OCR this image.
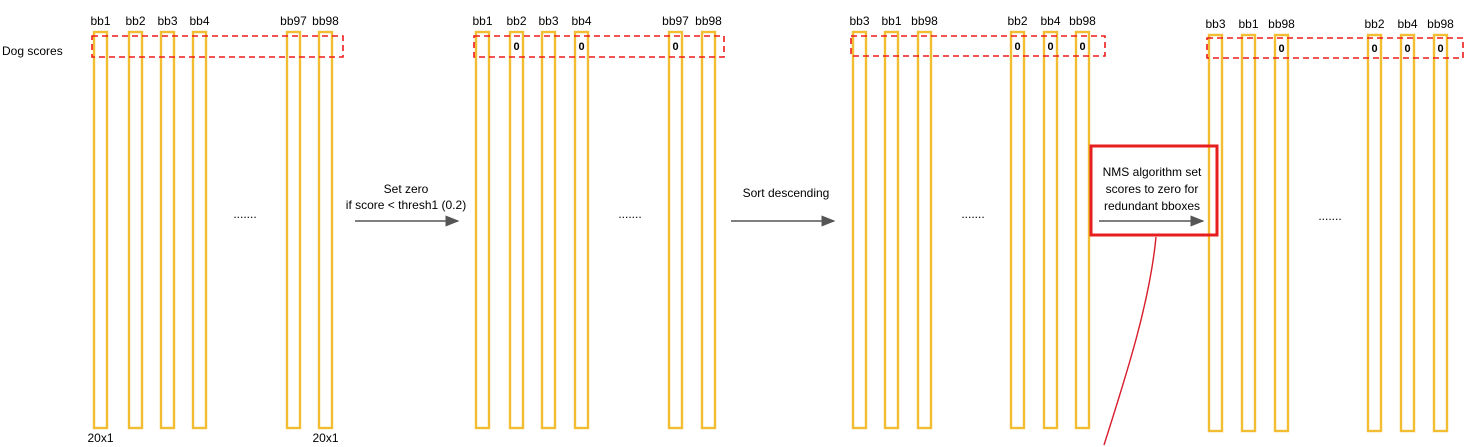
Dog scores
bb1 bb2 bb3 bb4	bb97 bb98
.......
20x1	20x1
bb1 bb2 bb3 bb4	bb97 bb98
0	0	0
.......
bb3 bb1 bb98	bb2 bb4 bb98
0 0 0
.......
bb3 bb1 bb98	bb2 bb4 bb98
0	0 0 0
.......
Set zero
if score < thresh1 (0.2)
Sort descending
NMS algorithm set
scores to zero for
redundant bboxes
